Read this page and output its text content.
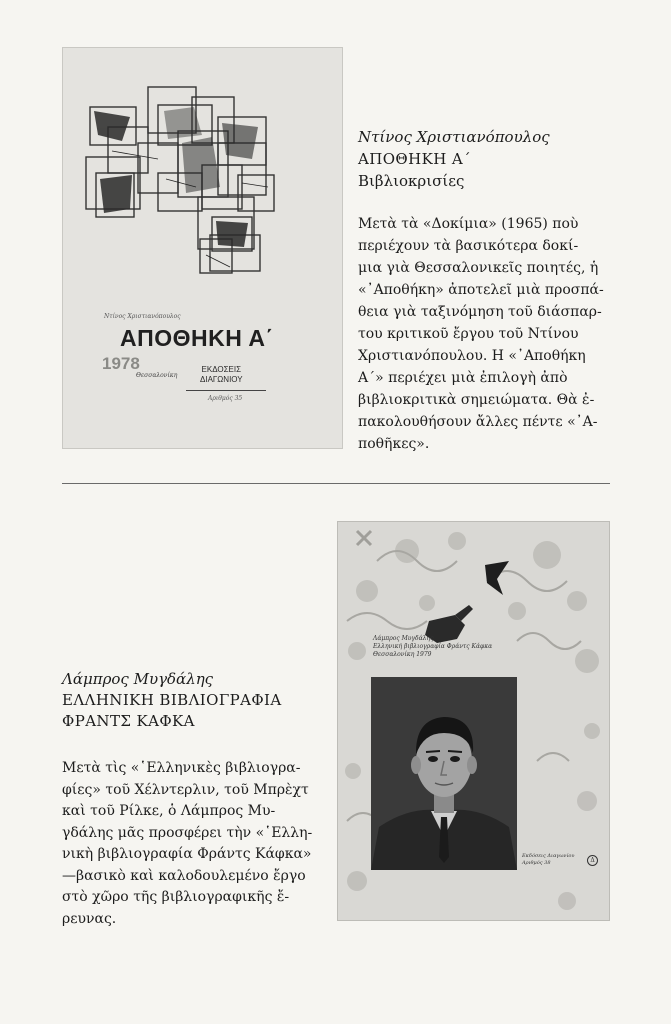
Ντίνος Χριστιανόπουλος
ΑΠΟΘΗΚΗ Α΄
1978
Θεσσαλονίκη
ΕΚΔΟΣΕΙΣ
ΔΙΑΓΩΝΙΟΥ
Αριθμός 35
Ντίνος Χριστιανόπουλος
ΑΠΟΘΗΚΗ Α΄
Βιβλιοκρισίες
Μετὰ τὰ «Δοκίμια» (1965) ποὺ
περιέχουν τὰ βασικότερα δοκί-
μια γιὰ Θεσσαλονικεῖς ποιητές, ἡ
«᾿Αποθήκη» ἀποτελεῖ μιὰ προσπά-
θεια γιὰ ταξινόμηση τοῦ διάσπαρ-
του κριτικοῦ ἔργου τοῦ Ντίνου
Χριστιανόπουλου. Η «᾿Αποθήκη
Α΄» περιέχει μιὰ ἐπιλογὴ ἀπὸ
βιβλιοκριτικὰ σημειώματα. Θὰ ἐ-
πακολουθήσουν ἄλλες πέντε «᾿Α-
ποθῆκες».
Λάμπρος Μυγδάλης
ΕΛΛΗΝΙΚΗ ΒΙΒΛΙΟΓΡΑΦΙΑ
ΦΡΑΝΤΣ ΚΑΦΚΑ
Μετὰ τὶς «῾Ελληνικὲς βιβλιογρα-
φίες» τοῦ Χέλντερλιν, τοῦ Μπρὲχτ
καὶ τοῦ Ρίλκε, ὁ Λάμπρος Μυ-
γδάλης μᾶς προσφέρει τὴν «῾Ελλη-
νικὴ βιβλιογραφία Φράντς Κάφκα»
—βασικὸ καὶ καλοδουλεμένο ἔργο
στὸ χῶρο τῆς βιβλιογραφικῆς ἔ-
ρευνας.
Λάμπρος Μυγδάλης
Ελληνική βιβλιογραφία Φράντς Κάφκα
Θεσσαλονίκη 1979
Εκδόσεις Διαγωνίου
Αριθμός 38	Δ
